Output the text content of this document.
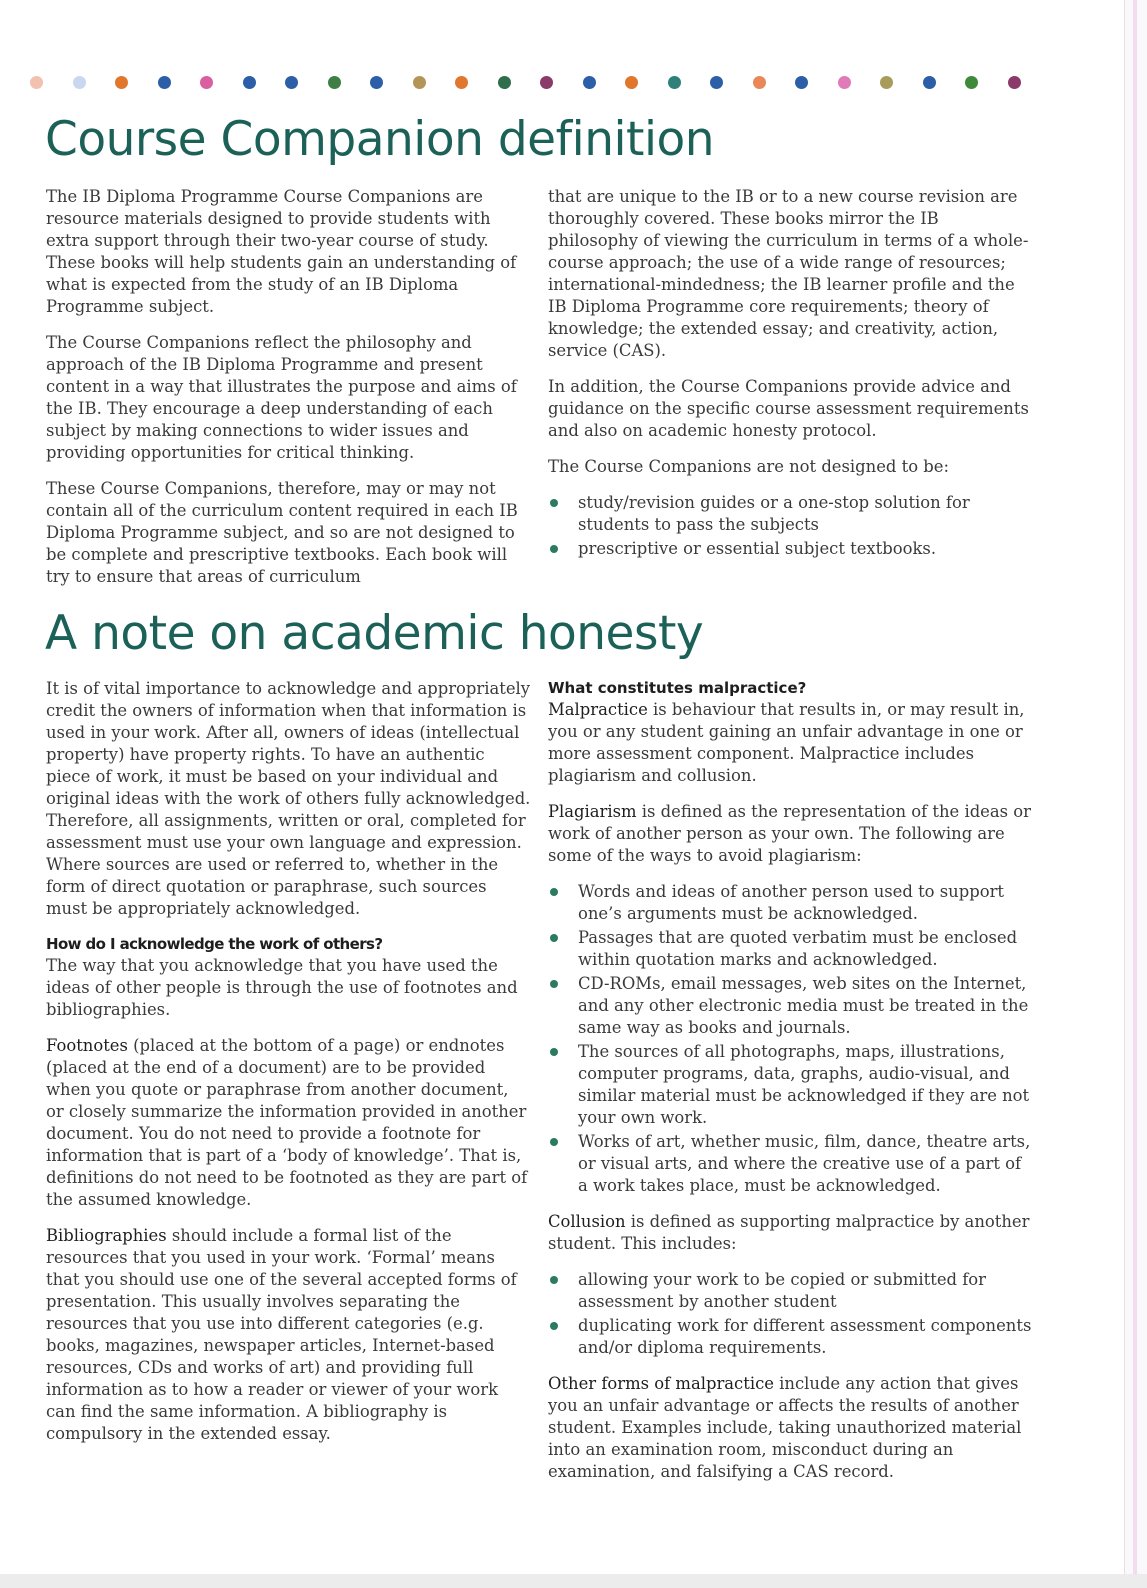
Course Companion definition

The IB Diploma Programme Course Companions are resource materials designed to provide students with extra support through their two-year course of study. These books will help students gain an understanding of what is expected from the study of an IB Diploma Programme subject.

The Course Companions reflect the philosophy and approach of the IB Diploma Programme and present content in a way that illustrates the purpose and aims of the IB. They encourage a deep understanding of each subject by making connections to wider issues and providing opportunities for critical thinking.

These Course Companions, therefore, may or may not contain all of the curriculum content required in each IB Diploma Programme subject, and so are not designed to be complete and prescriptive textbooks. Each book will try to ensure that areas of curriculum

that are unique to the IB or to a new course revision are thoroughly covered. These books mirror the IB philosophy of viewing the curriculum in terms of a whole-course approach; the use of a wide range of resources; international-mindedness; the IB learner profile and the IB Diploma Programme core requirements; theory of knowledge; the extended essay; and creativity, action, service (CAS).

In addition, the Course Companions provide advice and guidance on the specific course assessment requirements and also on academic honesty protocol.

The Course Companions are not designed to be:

study/revision guides or a one-stop solution for students to pass the subjects
prescriptive or essential subject textbooks.
A note on academic honesty

It is of vital importance to acknowledge and appropriately credit the owners of information when that information is used in your work. After all, owners of ideas (intellectual property) have property rights. To have an authentic piece of work, it must be based on your individual and original ideas with the work of others fully acknowledged. Therefore, all assignments, written or oral, completed for assessment must use your own language and expression. Where sources are used or referred to, whether in the form of direct quotation or paraphrase, such sources must be appropriately acknowledged.

How do I acknowledge the work of others?

The way that you acknowledge that you have used the ideas of other people is through the use of footnotes and bibliographies.

Footnotes (placed at the bottom of a page) or endnotes (placed at the end of a document) are to be provided when you quote or paraphrase from another document, or closely summarize the information provided in another document. You do not need to provide a footnote for information that is part of a ‘body of knowledge’. That is, definitions do not need to be footnoted as they are part of the assumed knowledge.

Bibliographies should include a formal list of the resources that you used in your work. ‘Formal’ means that you should use one of the several accepted forms of presentation. This usually involves separating the resources that you use into different categories (e.g. books, magazines, newspaper articles, Internet-based resources, CDs and works of art) and providing full information as to how a reader or viewer of your work can find the same information. A bibliography is compulsory in the extended essay.

What constitutes malpractice?

Malpractice is behaviour that results in, or may result in, you or any student gaining an unfair advantage in one or more assessment component. Malpractice includes plagiarism and collusion.

Plagiarism is defined as the representation of the ideas or work of another person as your own. The following are some of the ways to avoid plagiarism:

Words and ideas of another person used to support one’s arguments must be acknowledged.
Passages that are quoted verbatim must be enclosed within quotation marks and acknowledged.
CD-ROMs, email messages, web sites on the Internet, and any other electronic media must be treated in the same way as books and journals.
The sources of all photographs, maps, illustrations, computer programs, data, graphs, audio-visual, and similar material must be acknowledged if they are not your own work.
Works of art, whether music, film, dance, theatre arts, or visual arts, and where the creative use of a part of a work takes place, must be acknowledged.

Collusion is defined as supporting malpractice by another student. This includes:

allowing your work to be copied or submitted for assessment by another student
duplicating work for different assessment components and/or diploma requirements.

Other forms of malpractice include any action that gives you an unfair advantage or affects the results of another student. Examples include, taking unauthorized material into an examination room, misconduct during an examination, and falsifying a CAS record.
